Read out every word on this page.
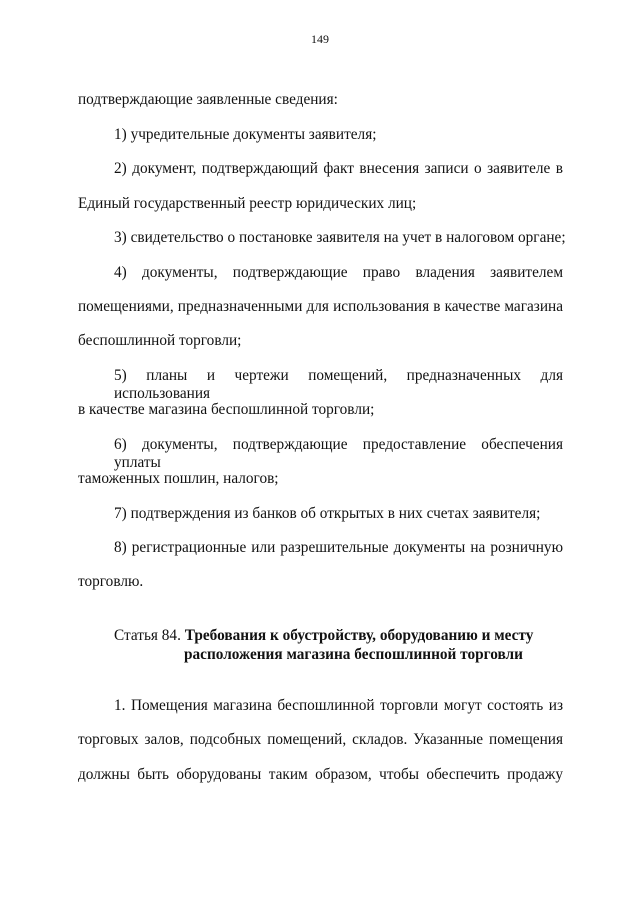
149
подтверждающие заявленные сведения:
1) учредительные документы заявителя;
2) документ, подтверждающий факт внесения записи о заявителе в
Единый государственный реестр юридических лиц;
3) свидетельство о постановке заявителя на учет в налоговом органе;
4) документы, подтверждающие право владения заявителем
помещениями, предназначенными для использования в качестве магазина
беспошлинной торговли;
5) планы и чертежи помещений, предназначенных для использования
в качестве магазина беспошлинной торговли;
6) документы, подтверждающие предоставление обеспечения уплаты
таможенных пошлин, налогов;
7) подтверждения из банков об открытых в них счетах заявителя;
8) регистрационные или разрешительные документы на розничную
торговлю.
Статья 84. Требования к обустройству, оборудованию и месту
расположения магазина беспошлинной торговли
1. Помещения магазина беспошлинной торговли могут состоять из
торговых залов, подсобных помещений, складов. Указанные помещения
должны быть оборудованы таким образом, чтобы обеспечить продажу
